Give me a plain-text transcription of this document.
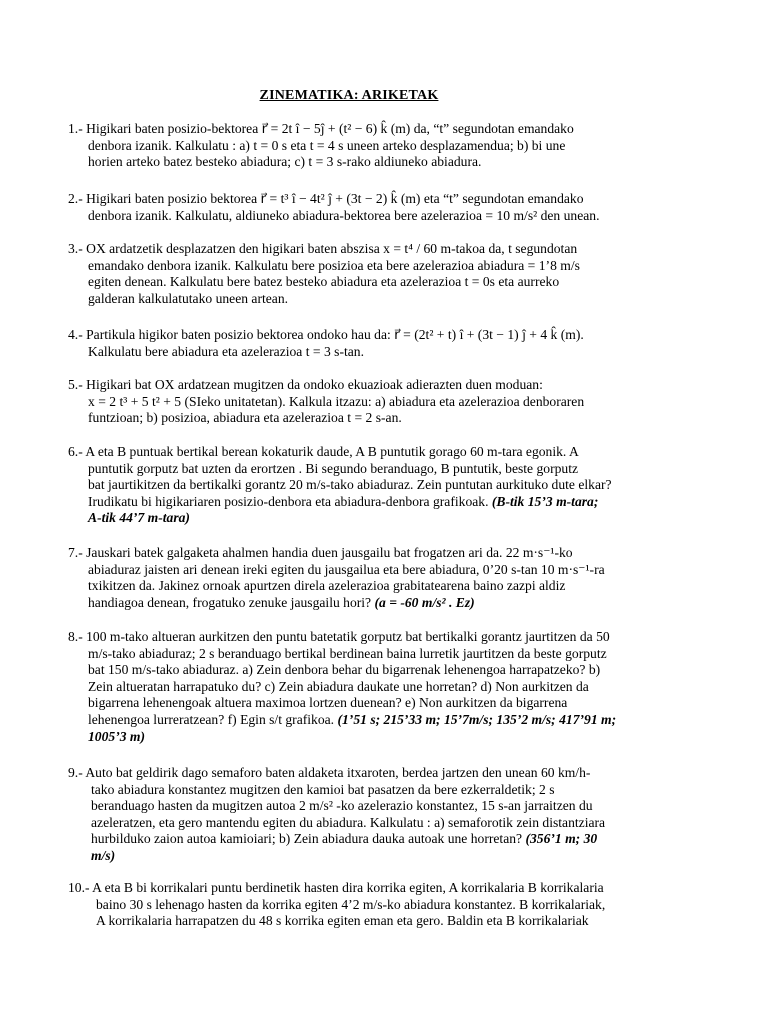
ZINEMATIKA: ARIKETAK
1.- Higikari baten posizio-bektorea r⃗ = 2t î − 5ĵ + (t² − 6) k̂ (m) da, “t” segundotan emandako
denbora izanik. Kalkulatu : a) t = 0 s eta t = 4 s uneen arteko desplazamendua; b) bi une
horien arteko batez besteko abiadura; c) t = 3 s-rako aldiuneko abiadura.
2.- Higikari baten posizio bektorea r⃗ = t³ î − 4t² ĵ + (3t − 2) k̂ (m) eta “t” segundotan emandako
denbora izanik. Kalkulatu, aldiuneko abiadura-bektorea bere azelerazioa = 10 m/s² den unean.
3.- OX ardatzetik desplazatzen den higikari baten abszisa x = t⁴ / 60 m-takoa da, t segundotan
emandako denbora izanik. Kalkulatu bere posizioa eta bere azelerazioa abiadura = 1’8 m/s
egiten denean. Kalkulatu bere batez besteko abiadura eta azelerazioa t = 0s eta aurreko
galderan kalkulatutako uneen artean.
4.- Partikula higikor baten posizio bektorea ondoko hau da: r⃗ = (2t² + t) î + (3t − 1) ĵ + 4 k̂ (m).
Kalkulatu bere abiadura eta azelerazioa t = 3 s-tan.
5.- Higikari bat OX ardatzean mugitzen da ondoko ekuazioak adierazten duen moduan:
x = 2 t³ + 5 t² + 5 (SIeko unitatetan). Kalkula itzazu: a) abiadura eta azelerazioa denboraren
funtzioan; b) posizioa, abiadura eta azelerazioa t = 2 s-an.
6.- A eta B puntuak bertikal berean kokaturik daude, A B puntutik gorago 60 m-tara egonik. A
puntutik gorputz bat uzten da erortzen . Bi segundo beranduago, B puntutik, beste gorputz
bat jaurtikitzen da bertikalki gorantz 20 m/s-tako abiaduraz. Zein puntutan aurkituko dute elkar?
Irudikatu bi higikariaren posizio-denbora eta abiadura-denbora grafikoak. (B-tik 15’3 m-tara;
A-tik 44’7 m-tara)
7.- Jauskari batek galgaketa ahalmen handia duen jausgailu bat frogatzen ari da. 22 m·s⁻¹-ko
abiaduraz jaisten ari denean ireki egiten du jausgailua eta bere abiadura, 0’20 s-tan 10 m·s⁻¹-ra
txikitzen da. Jakinez ornoak apurtzen direla azelerazioa grabitatearena baino zazpi aldiz
handiagoa denean, frogatuko zenuke jausgailu hori? (a = -60 m/s² . Ez)
8.- 100 m-tako altueran aurkitzen den puntu batetatik gorputz bat bertikalki gorantz jaurtitzen da 50
m/s-tako abiaduraz; 2 s beranduago bertikal berdinean baina lurretik jaurtitzen da beste gorputz
bat 150 m/s-tako abiaduraz. a) Zein denbora behar du bigarrenak lehenengoa harrapatzeko? b)
Zein altueratan harrapatuko du? c) Zein abiadura daukate une horretan? d) Non aurkitzen da
bigarrena lehenengoak altuera maximoa lortzen duenean? e) Non aurkitzen da bigarrena
lehenengoa lurreratzean? f) Egin s/t grafikoa. (1’51 s; 215’33 m; 15’7m/s; 135’2 m/s; 417’91 m;
1005’3 m)
9.- Auto bat geldirik dago semaforo baten aldaketa itxaroten, berdea jartzen den unean 60 km/h-
tako abiadura konstantez mugitzen den kamioi bat pasatzen da bere ezkerraldetik; 2 s
beranduago hasten da mugitzen autoa 2 m/s² -ko azelerazio konstantez, 15 s-an jarraitzen du
azeleratzen, eta gero mantendu egiten du abiadura. Kalkulatu : a) semaforotik zein distantziara
hurbilduko zaion autoa kamioiari; b) Zein abiadura dauka autoak une horretan? (356’1 m; 30
m/s)
10.- A eta B bi korrikalari puntu berdinetik hasten dira korrika egiten, A korrikalaria B korrikalaria
baino 30 s lehenago hasten da korrika egiten 4’2 m/s-ko abiadura konstantez. B korrikalariak,
A korrikalaria harrapatzen du 48 s korrika egiten eman eta gero. Baldin eta B korrikalariak
